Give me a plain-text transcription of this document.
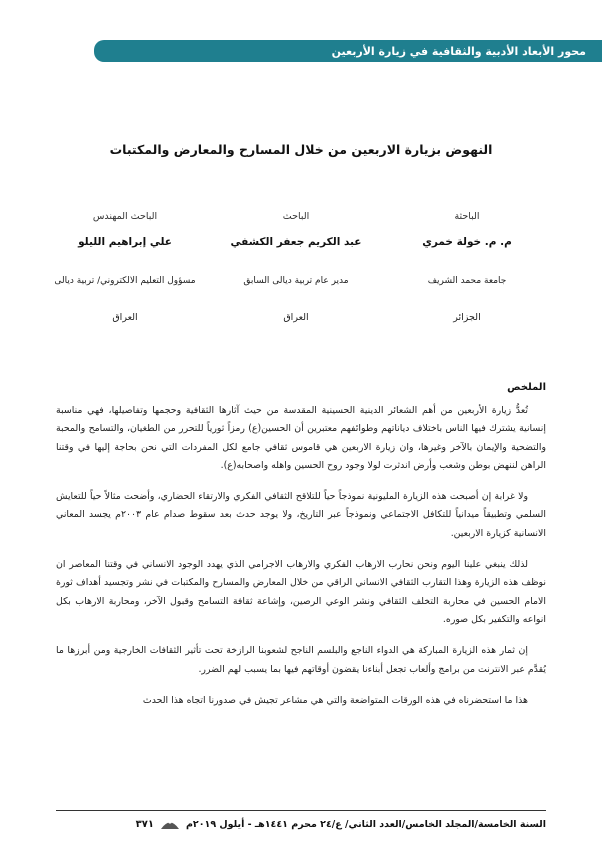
محور الأبعاد الأدبية والثقافية في زيارة الأربعين
النهوض بزيارة الاربعين من خلال المسارح والمعارض والمكتبات
الباحثة
م. م. خولة خمري
جامعة محمد الشريف
الجزائر
الباحث
عبد الكريم جعفر الكشفي
مدير عام تربية ديالى السابق
العراق
الباحث المهندس
علي إبراهيم الليلو
مسؤول التعليم الالكتروني/ تربية ديالى
العراق
الملخص

تُعدُّ زيارة الأربعين من أهم الشعائر الدينية الحسينية المقدسة من حيث آثارها الثقافية وحجمها وتفاصيلها، فهي مناسبة إنسانية يشترك فيها الناس باختلاف دياناتهم وطوائفهم معتبرين أن الحسين(ع) رمزاً ثورياً للتحرر من الطغيان، والتسامح والمحبة والتضحية والإيمان بالآخر وغيرها، وان زيارة الاربعين هي قاموس ثقافي جامع لكل المفردات التي نحن بحاجة إليها في وقتنا الراهن لننهض بوطن وشعب وأرض اندثرت لولا وجود روح الحسين واهله واصحابه(ع).

ولا غرابة إن أصبحت هذه الزيارة المليونية نموذجاً حياً للتلاقح الثقافي الفكري والارتقاء الحضاري، وأضحت مثالاً حياً للتعايش السلمي وتطبيقاً ميدانياً للتكافل الاجتماعي ونموذجاً عبر التاريخ، ولا يوجد حدث بعد سقوط صدام عام ٢٠٠٣م يجسد المعاني الانسانية كزيارة الاربعين.

لذلك ينبغي علينا اليوم ونحن نحارب الارهاب الفكري والارهاب الاجرامي الذي يهدد الوجود الانساني في وقتنا المعاصر ان نوظف هذه الزيارة وهذا التقارب الثقافي الانساني الراقي من خلال المعارض والمسارح والمكتبات في نشر وتجسيد أهداف ثورة الامام الحسين في محاربة التخلف الثقافي ونشر الوعي الرصين، وإشاعة ثقافة التسامح وقبول الآخر، ومحاربة الارهاب بكل انواعه والتكفير بكل صوره.

إن ثمار هذه الزيارة المباركة هي الدواء الناجع والبلسم الناجح لشعوبنا الرازخة تحت تأثير الثقافات الخارجية ومن أبرزها ما يُقدَّم عبر الانترنت من برامج وألعاب تجعل أبناءنا يقضون أوقاتهم فيها بما يسبب لهم الضرر.

هذا ما استحضرناه في هذه الورقات المتواضعة والتي هي مشاعر تجيش في صدورنا اتجاه هذا الحدث

السنة الخامسة/المجلد الخامس/العدد الثاني/ ع/٢٤ محرم ١٤٤١هـ - أيلول ٢٠١٩م
٣٧١
